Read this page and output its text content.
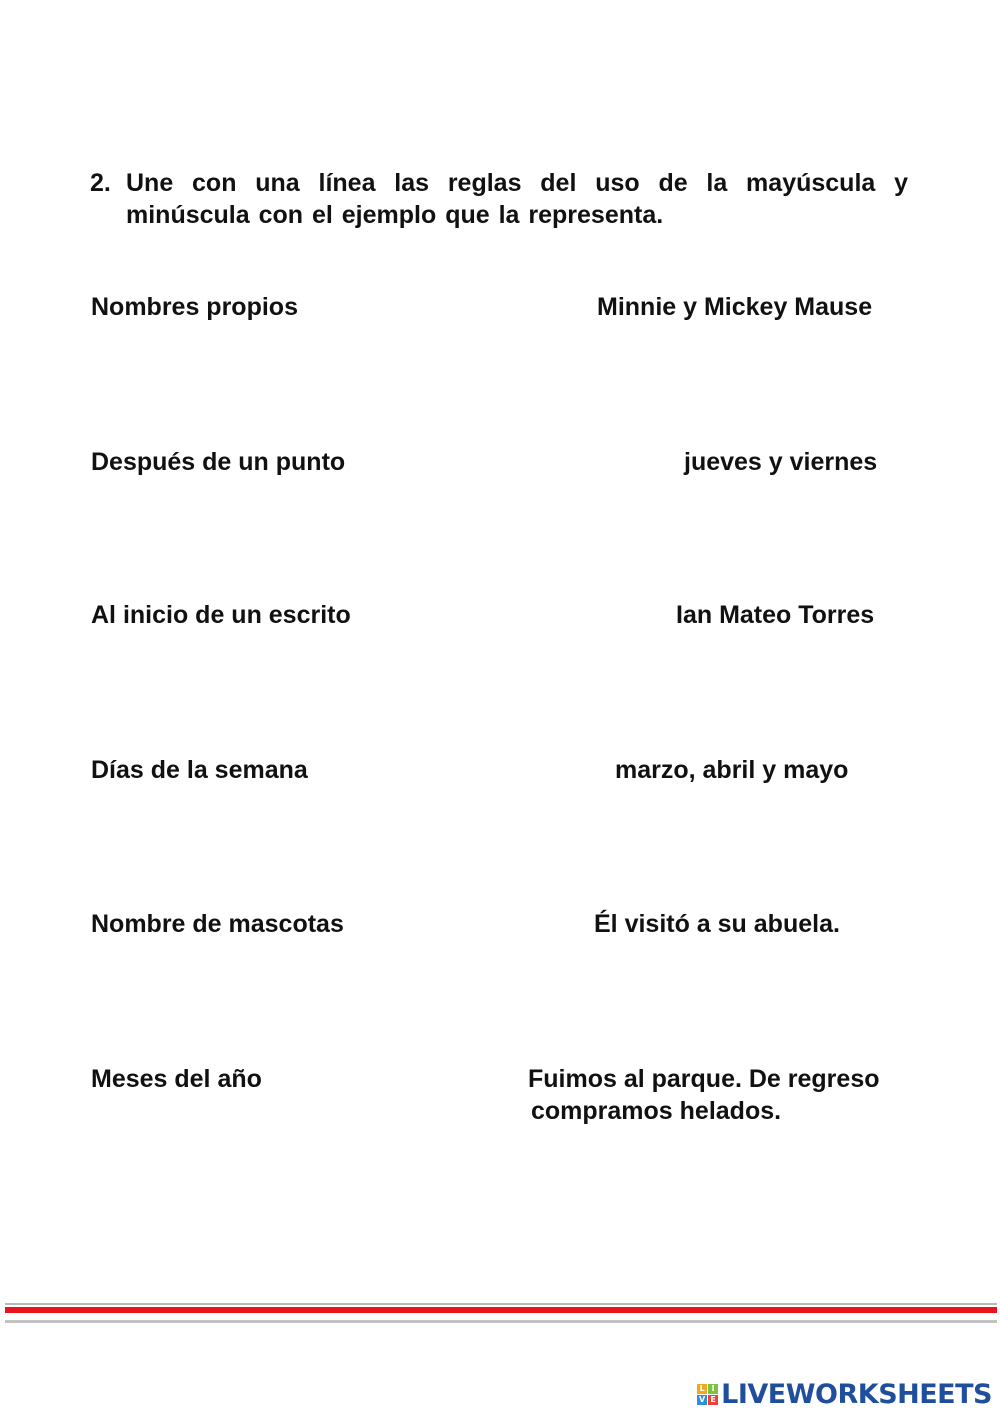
2. Une con una línea las reglas del uso de la mayúscula y minúscula con el ejemplo que la representa.
Nombres propios	Minnie y Mickey Mause
Después de un punto	jueves y viernes
Al inicio de un escrito	Ian Mateo Torres
Días de la semana	marzo, abril y mayo
Nombre de mascotas	Él visitó a su abuela.
Meses del año	Fuimos al parque. De regreso
compramos helados.
L I
V E LIVEWORKSHEETS
